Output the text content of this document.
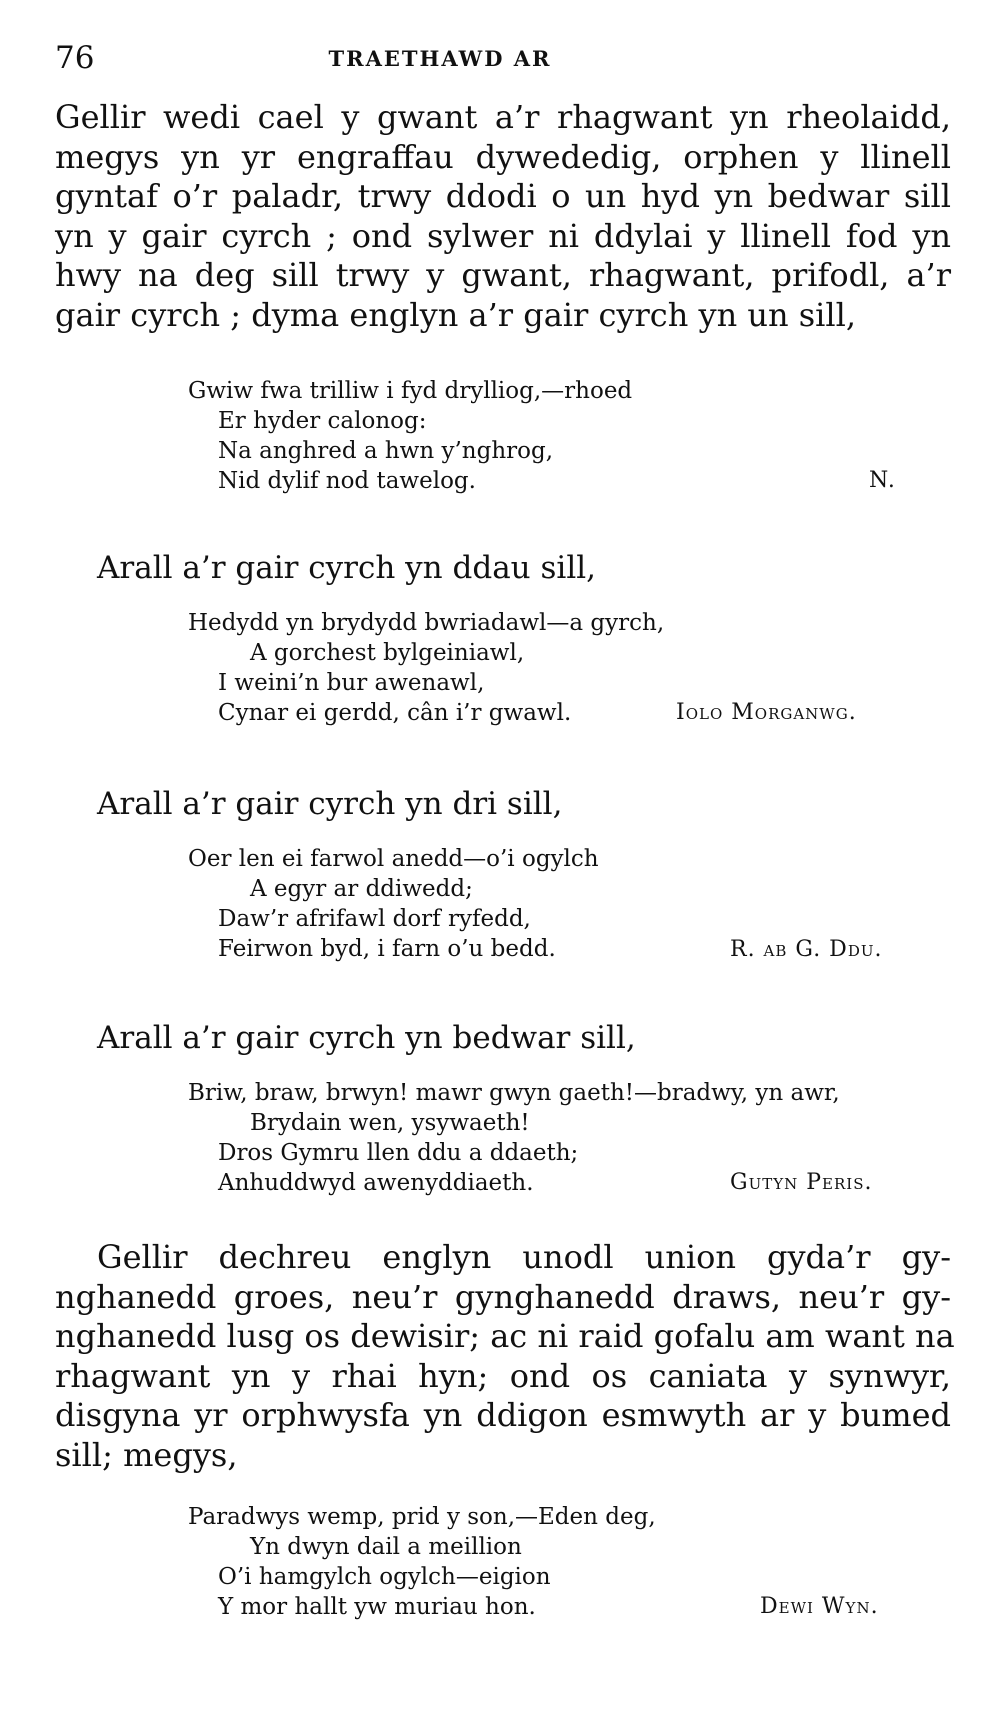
76	TRAETHAWD AR
Gellir wedi cael y gwant a’r rhagwant yn rheolaidd,
megys yn yr engraffau dywededig, orphen y llinell
gyntaf o’r paladr, trwy ddodi o un hyd yn bedwar sill
yn y gair cyrch ; ond sylwer ni ddylai y llinell fod yn
hwy na deg sill trwy y gwant, rhagwant, prifodl, a’r
gair cyrch ; dyma englyn a’r gair cyrch yn un sill,
Gwiw fwa trilliw i fyd drylliog,—rhoed
Er hyder calonog:
Na anghred a hwn y’nghrog,
Nid dylif nod tawelog.	N.
Arall a’r gair cyrch yn ddau sill,
Hedydd yn brydydd bwriadawl—a gyrch,
A gorchest bylgeiniawl,
I weini’n bur awenawl,
Cynar ei gerdd, cân i’r gwawl.	Iolo Morganwg.
Arall a’r gair cyrch yn dri sill,
Oer len ei farwol anedd—o’i ogylch
A egyr ar ddiwedd;
Daw’r afrifawl dorf ryfedd,
Feirwon byd, i farn o’u bedd.	R. ab G. Ddu.
Arall a’r gair cyrch yn bedwar sill,
Briw, braw, brwyn! mawr gwyn gaeth!—bradwy, yn awr,
Brydain wen, ysywaeth!
Dros Gymru llen ddu a ddaeth;
Anhuddwyd awenyddiaeth.	Gutyn Peris.
Gellir dechreu englyn unodl union gyda’r gy-
nghanedd groes, neu’r gynghanedd draws, neu’r gy-
nghanedd lusg os dewisir; ac ni raid gofalu am want na
rhagwant yn y rhai hyn; ond os caniata y synwyr,
disgyna yr orphwysfa yn ddigon esmwyth ar y bumed
sill; megys,
Paradwys wemp, prid y son,—Eden deg,
Yn dwyn dail a meillion
O’i hamgylch ogylch—eigion
Y mor hallt yw muriau hon.	Dewi Wyn.
